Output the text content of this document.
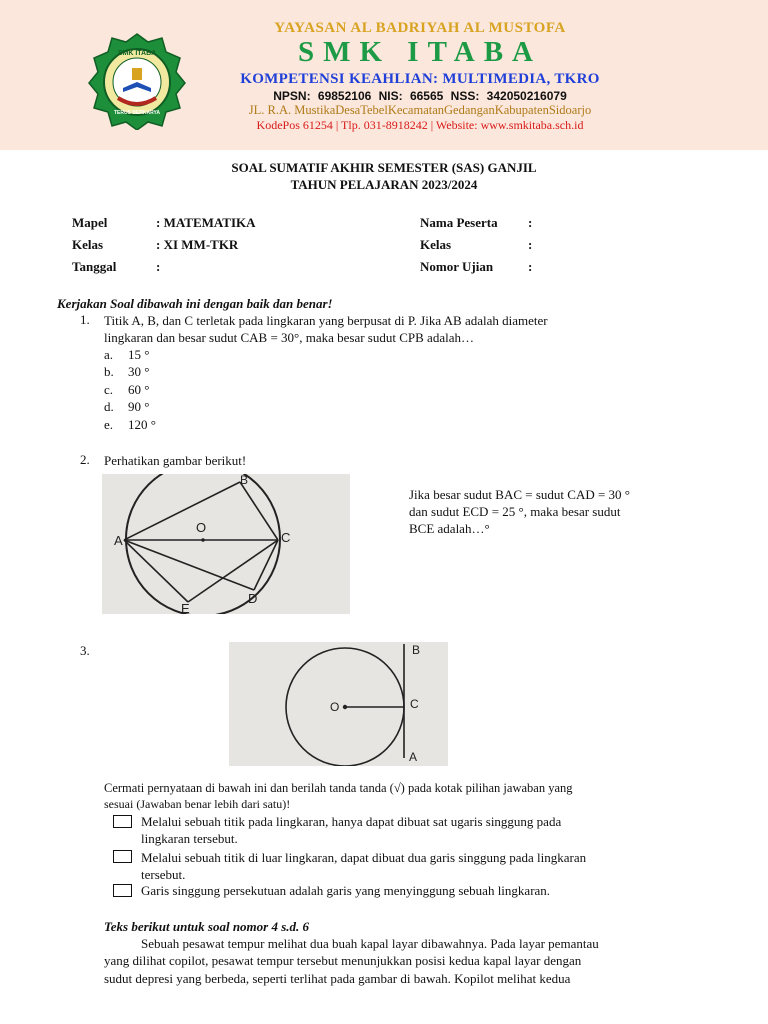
SMK ITABA
TERUS BERKARYA
YAYASAN AL BADRIYAH AL MUSTOFA
SMK ITABA
KOMPETENSI KEAHLIAN: MULTIMEDIA, TKRO
NPSN: 69852106 NIS: 66565 NSS: 342050216079
JL. R.A. MustikaDesaTebelKecamatanGedanganKabupatenSidoarjo
KodePos 61254 | Tlp. 031-8918242 | Website: www.smkitaba.sch.id
SOAL SUMATIF AKHIR SEMESTER (SAS) GANJIL
TAHUN PELAJARAN 2023/2024
Mapel	: MATEMATIKA
Kelas	: XI MM-TKR
Tanggal	:
Nama Peserta :
Kelas	:
Nomor Ujian	:
Kerjakan Soal dibawah ini dengan baik dan benar!
1. Titik A, B, dan C terletak pada lingkaran yang berpusat di P. Jika AB adalah diameter
lingkaran dan besar sudut CAB = 30°, maka besar sudut CPB adalah…
a. 15 °
b. 30 °
c. 60 °
d. 90 °
e. 120 °
2. Perhatikan gambar berikut!
O
A
B
C
D
E
Jika besar sudut BAC = sudut CAD = 30 °
dan sudut ECD = 25 °, maka besar sudut
BCE adalah…°
3.
O
B
C
A
Cermati pernyataan di bawah ini dan berilah tanda tanda (√) pada kotak pilihan jawaban yang
sesuai (Jawaban benar lebih dari satu)!
Melalui sebuah titik pada lingkaran, hanya dapat dibuat sat ugaris singgung pada
lingkaran tersebut.
Melalui sebuah titik di luar lingkaran, dapat dibuat dua garis singgung pada lingkaran
tersebut.
Garis singgung persekutuan adalah garis yang menyinggung sebuah lingkaran.
Teks berikut untuk soal nomor 4 s.d. 6
Sebuah pesawat tempur melihat dua buah kapal layar dibawahnya. Pada layar pemantau
yang dilihat copilot, pesawat tempur tersebut menunjukkan posisi kedua kapal layar dengan
sudut depresi yang berbeda, seperti terlihat pada gambar di bawah. Kopilot melihat kedua
